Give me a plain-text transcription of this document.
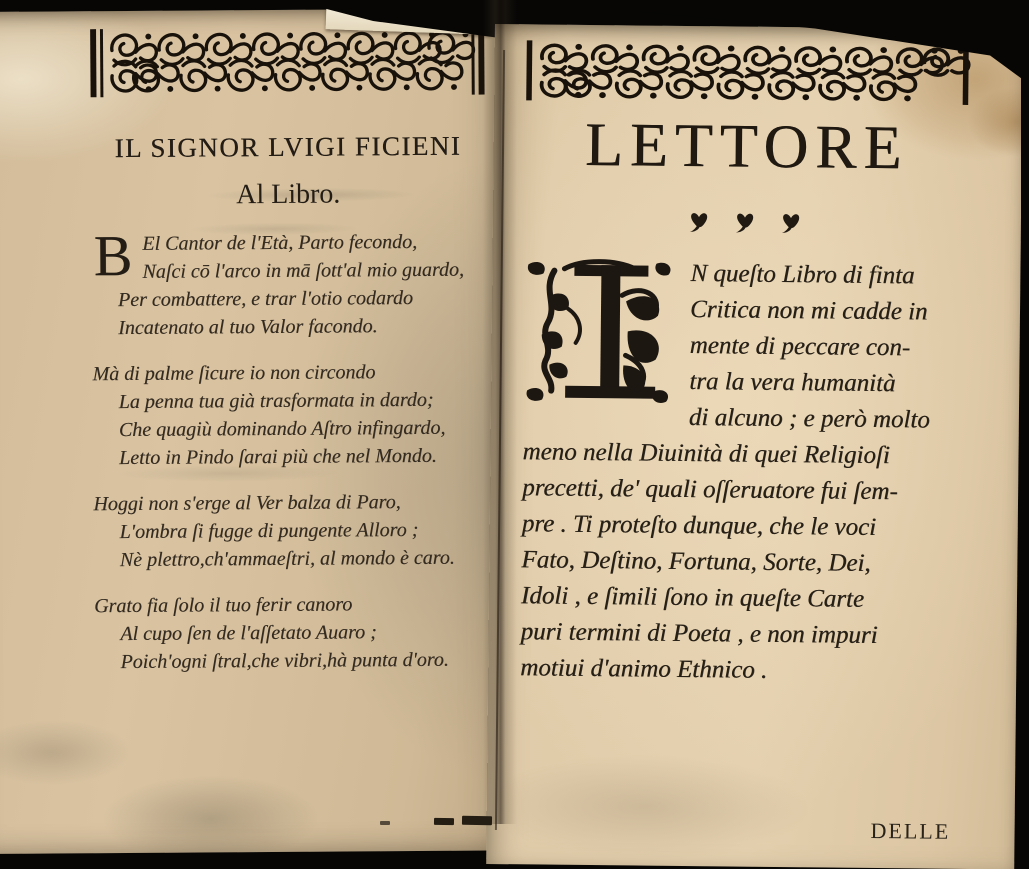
IL SIGNOR LVIGI FICIENI
Al Libro.
B El Cantor de l'Età, Parto fecondo,
Naſci cō l'arco in mā ſott'al mio guardo,
Per combattere, e trar l'otio codardo
Incatenato al tuo Valor facondo.
Mà di palme ſicure io non circondo
La penna tua già trasformata in dardo;
Che quagiù dominando Aſtro infingardo,
Letto in Pindo ſarai più che nel Mondo.
Hoggi non s'erge al Ver balza di Paro,
L'ombra ſi fugge di pungente Alloro ;
Nè plettro,ch'ammaeſtri, al mondo è caro.
Grato fia ſolo il tuo ferir canoro
Al cupo ſen de l'aſſetato Auaro ;
Poich'ogni ſtral,che vibri,hà punta d'oro.
LETTORE
N queſto Libro di finta
Critica non mi cadde in
mente di peccare con-
tra la vera humanità
di alcuno ; e però molto
meno nella Diuinità di quei Religioſi
precetti, de' quali oſſeruatore fui ſem-
pre . Ti proteſto dunque, che le voci
Fato, Deſtino, Fortuna, Sorte, Dei,
Idoli , e ſimili ſono in queſte Carte
puri termini di Poeta , e non impuri
motiui d'animo Ethnico .
DELLE
